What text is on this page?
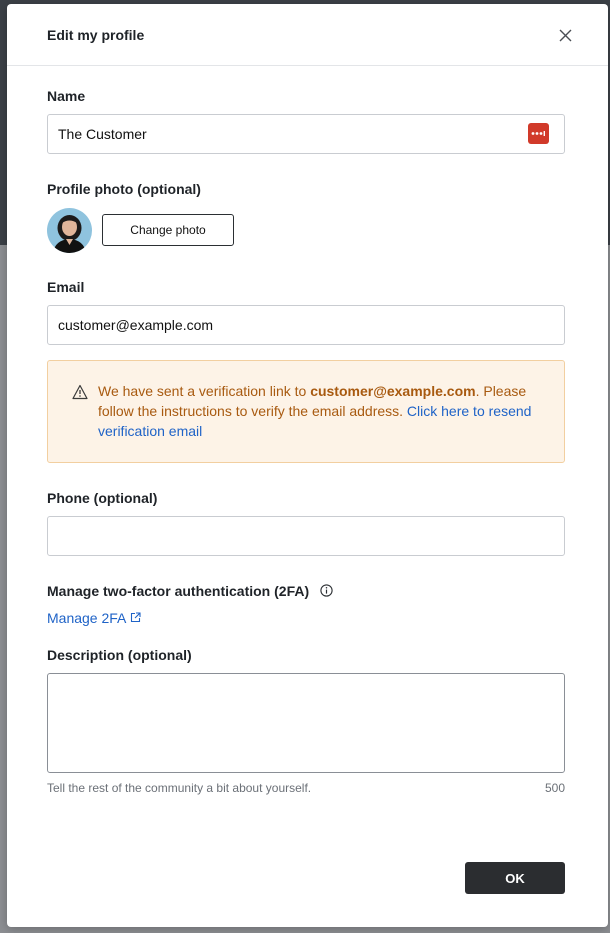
Edit my profile
Name
The Customer
Profile photo (optional)
Change photo
Email
customer@example.com
We have sent a verification link to customer@example.com. Please follow the instructions to verify the email address. Click here to resend verification email
Phone (optional)
Manage two-factor authentication (2FA)
Manage 2FA
Description (optional)
Tell the rest of the community a bit about yourself.	500
OK
